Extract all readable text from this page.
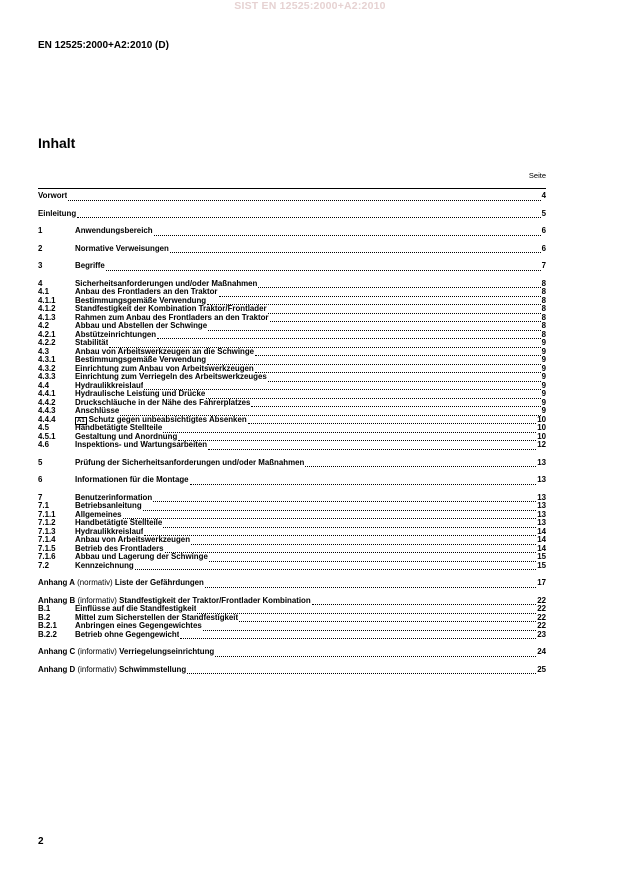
SIST EN 12525:2000+A2:2010
EN 12525:2000+A2:2010 (D)
Inhalt
Seite
Vorwort	4
Einleitung	5
1	Anwendungsbereich	6
2	Normative Verweisungen	6
3	Begriffe	7
4	Sicherheitsanforderungen und/oder Maßnahmen	8
4.1	Anbau des Frontladers an den Traktor	8
4.1.1	Bestimmungsgemäße Verwendung	8
4.1.2	Standfestigkeit der Kombination Traktor/Frontlader	8
4.1.3	Rahmen zum Anbau des Frontladers an den Traktor	8
4.2	Abbau und Abstellen der Schwinge	8
4.2.1	Abstützeinrichtungen	8
4.2.2	Stabilität	9
4.3	Anbau von Arbeitswerkzeugen an die Schwinge	9
4.3.1	Bestimmungsgemäße Verwendung	9
4.3.2	Einrichtung zum Anbau von Arbeitswerkzeugen	9
4.3.3	Einrichtung zum Verriegeln des Arbeitswerkzeuges	9
4.4	Hydraulikkreislauf	9
4.4.1	Hydraulische Leistung und Drücke	9
4.4.2	Druckschläuche in der Nähe des Fahrerplatzes	9
4.4.3	Anschlüsse	9
4.4.4	A1 Schutz gegen unbeabsichtigtes Absenken	10
4.5	Handbetätigte Stellteile	10
4.5.1	Gestaltung und Anordnung	10
4.6	Inspektions- und Wartungsarbeiten	12
5	Prüfung der Sicherheitsanforderungen und/oder Maßnahmen	13
6	Informationen für die Montage	13
7	Benutzerinformation	13
7.1	Betriebsanleitung	13
7.1.1	Allgemeines	13
7.1.2	Handbetätigte Stellteile	13
7.1.3	Hydraulikkreislauf	14
7.1.4	Anbau von Arbeitswerkzeugen	14
7.1.5	Betrieb des Frontladers	14
7.1.6	Abbau und Lagerung der Schwinge	15
7.2	Kennzeichnung	15
Anhang A (normativ) Liste der Gefährdungen	17
Anhang B (informativ) Standfestigkeit der Traktor/Frontlader Kombination	22
B.1	Einflüsse auf die Standfestigkeit	22
B.2	Mittel zum Sicherstellen der Standfestigkeit	22
B.2.1	Anbringen eines Gegengewichtes	22
B.2.2	Betrieb ohne Gegengewicht	23
Anhang C (informativ) Verriegelungseinrichtung	24
Anhang D (informativ) Schwimmstellung	25
2
